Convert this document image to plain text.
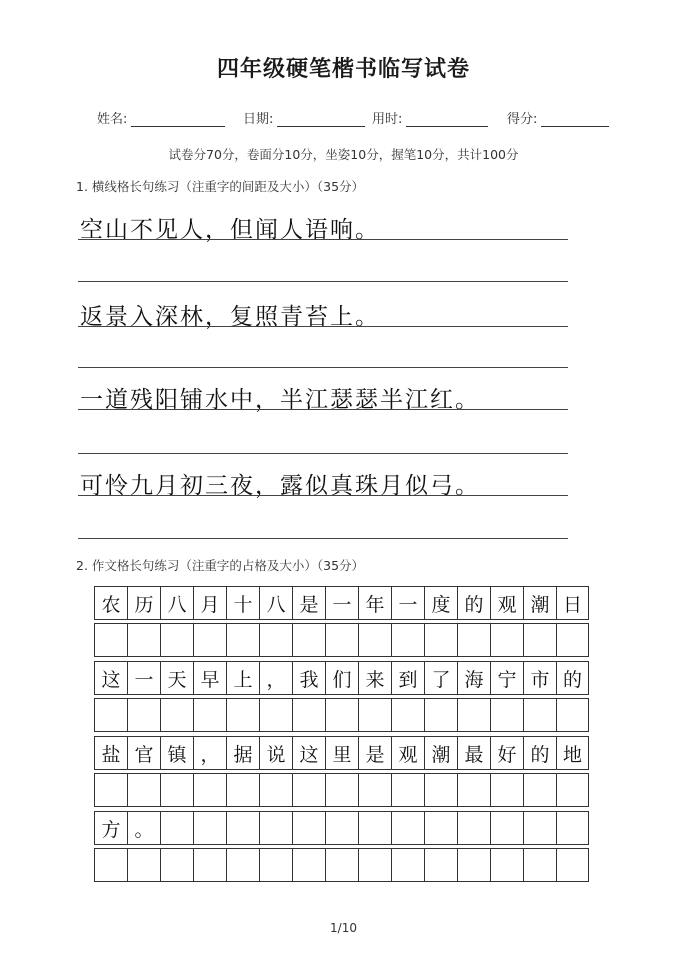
四年级硬笔楷书临写试卷
姓名:	日期:	用时:	得分:
试卷分70分，卷面分10分，坐姿10分，握笔10分，共计100分
1. 横线格长句练习（注重字的间距及大小）（35分）
空山不见人，但闻人语响。
返景入深林，复照青苔上。
一道残阳铺水中，半江瑟瑟半江红。
可怜九月初三夜，露似真珠月似弓。
2. 作文格长句练习（注重字的占格及大小）（35分）
农 历 八 月 十 八 是 一 年 一 度 的 观 潮 日
这 一 天 早 上 ， 我 们 来 到 了 海 宁 市 的
盐 官 镇 ， 据 说 这 里 是 观 潮 最 好 的 地
方 。
1/10
